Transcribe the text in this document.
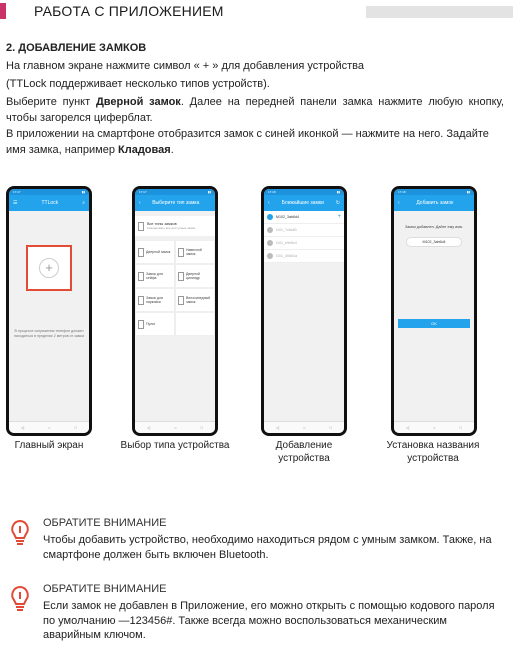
РАБОТА С ПРИЛОЖЕНИЕМ
2. ДОБАВЛЕНИЕ ЗАМКОВ
На главном экране нажмите символ « + » для добавления устройства
(TTLock поддерживает несколько типов устройств).
Выберите пункт Дверной замок. Далее на передней панели замка нажмите любую кнопку, чтобы загорелся циферблат.
В приложении на смартфоне отобразится замок с синей иконкой — нажмите на него. Задайте имя замка, например Кладовая.
17:17	▮▮
☰	TTLock	⌕
+
В процессе сопряжения телефон должен находиться в пределах 2 метров от замка
◁	○	□
Главный экран
17:17	▮▮
‹	Выберите тип замка
Все типы замков
Сканировать все доступные замки
Дверной замок	Навесной замок
Замок для сейфа
Дверной цилиндр
Замок для парковки
Велосипедный замок
Пульт
◁	○	□
Выбор типа устройства
17:18	▮▮
‹	Ближайшие замки	↻
M102_3ab6d4	+
I101_7c6c60
I101_e9e5c4
I101_408d1a
◁	○	□
Добавление устройства
17:18	▮▮
‹	Добавить замок
Замок добавлен. Дайте ему имя.
M102_3ab6d4
OK
◁	○	□
Установка названия устройства
ОБРАТИТЕ ВНИМАНИЕ
Чтобы добавить устройство, необходимо находиться рядом с умным замком. Также, на смартфоне должен быть включен Bluetooth.
ОБРАТИТЕ ВНИМАНИЕ
Если замок не добавлен в Приложение, его можно открыть с помощью кодового пароля по умолчанию —123456#. Также всегда можно воспользоваться механическим аварийным ключом.
